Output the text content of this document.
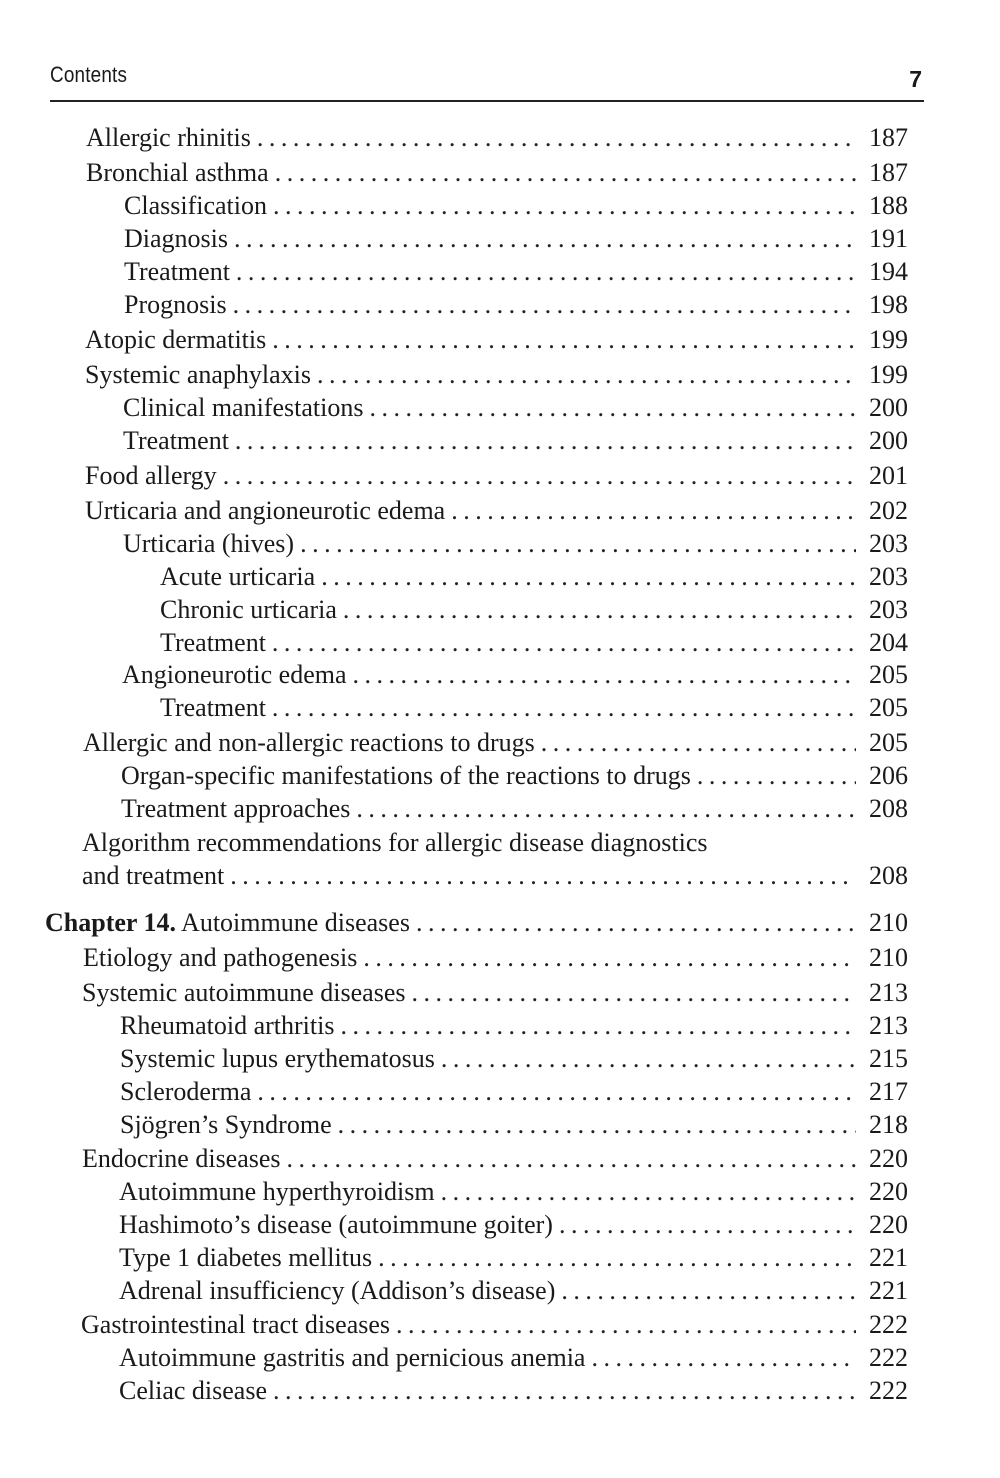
Contents	7
Allergic rhinitis . . .	187
Bronchial asthma . . .	187
Classification . . .	188
Diagnosis . . .	191
Treatment . . .	194
Prognosis . . .	198
Atopic dermatitis . . .	199
Systemic anaphylaxis . . .	199
Clinical manifestations . . .	200
Treatment . . .	200
Food allergy . . .	201
Urticaria and angioneurotic edema . . .	202
Urticaria (hives) . . .	203
Acute urticaria . . .	203
Chronic urticaria . . .	203
Treatment . . .	204
Angioneurotic edema . . .	205
Treatment . . .	205
Allergic and non-allergic reactions to drugs . . .	205
Organ-specific manifestations of the reactions to drugs . . .	206
Treatment approaches . . .	208
Algorithm recommendations for allergic disease diagnostics
and treatment . . .	208
Chapter 14. Autoimmune diseases . . .	210
Etiology and pathogenesis . . .	210
Systemic autoimmune diseases . . .	213
Rheumatoid arthritis . . .	213
Systemic lupus erythematosus . . .	215
Scleroderma . . .	217
Sjögren’s Syndrome . . .	218
Endocrine diseases . . .	220
Autoimmune hyperthyroidism . . .	220
Hashimoto’s disease (autoimmune goiter) . . .	220
Type 1 diabetes mellitus . . .	221
Adrenal insufficiency (Addison’s disease) . . .	221
Gastrointestinal tract diseases . . .	222
Autoimmune gastritis and pernicious anemia . . .	222
Celiac disease . . .	222
